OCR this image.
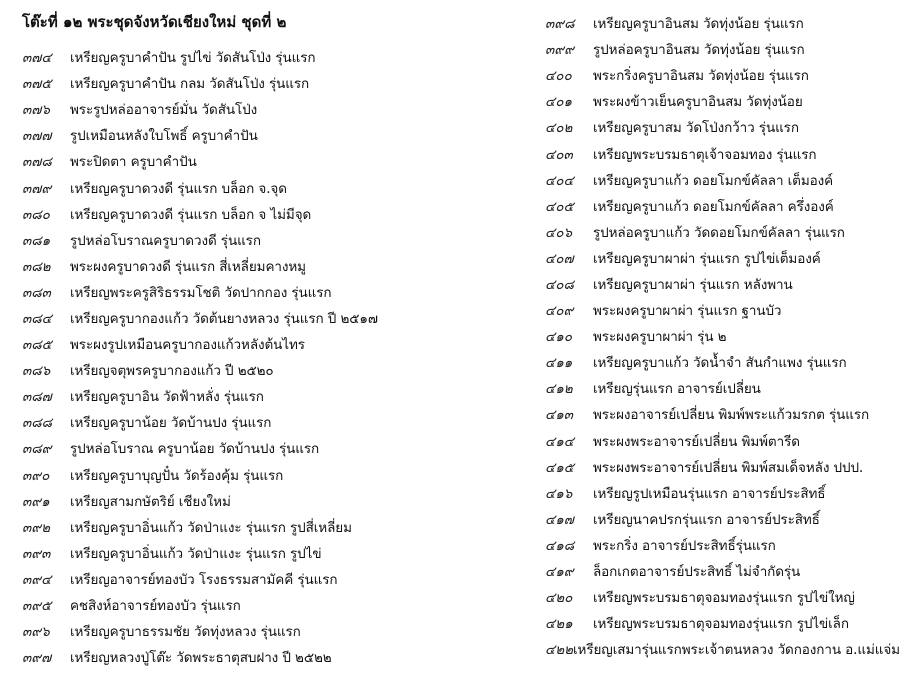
โต๊ะที่ ๑๒ พระชุดจังหวัดเชียงใหม่ ชุดที่ ๒
๓๗๔	เหรียญครูบาคำปัน รูปไข่ วัดสันโป่ง รุ่นแรก
๓๗๕	เหรียญครูบาคำปัน กลม วัดสันโป่ง รุ่นแรก
๓๗๖	พระรูปหล่ออาจารย์มั่น วัดสันโป่ง
๓๗๗	รูปเหมือนหลังใบโพธิ์ ครูบาคำปัน
๓๗๘	พระปิดตา ครูบาคำปัน
๓๗๙	เหรียญครูบาดวงดี รุ่นแรก บล็อก จ.จุด
๓๘๐	เหรียญครูบาดวงดี รุ่นแรก บล็อก จ ไม่มีจุด
๓๘๑	รูปหล่อโบราณครูบาดวงดี รุ่นแรก
๓๘๒	พระผงครูบาดวงดี รุ่นแรก สี่เหลี่ยมคางหมู
๓๘๓	เหรียญพระครูสิริธรรมโชติ วัดปากกอง รุ่นแรก
๓๘๔	เหรียญครูบากองแก้ว วัดต้นยางหลวง รุ่นแรก ปี ๒๕๑๗
๓๘๕	พระผงรูปเหมือนครูบากองแก้วหลังต้นไทร
๓๘๖	เหรียญจตุพรครูบากองแก้ว ปี ๒๕๒๐
๓๘๗	เหรียญครูบาอิน วัดฟ้าหลั่ง รุ่นแรก
๓๘๘	เหรียญครูบาน้อย วัดบ้านปง รุ่นแรก
๓๘๙	รูปหล่อโบราณ ครูบาน้อย วัดบ้านปง รุ่นแรก
๓๙๐	เหรียญครูบาบุญปั๋น วัดร้องคุ้ม รุ่นแรก
๓๙๑	เหรียญสามกษัตริย์ เชียงใหม่
๓๙๒	เหรียญครูบาอิ่นแก้ว วัดป่าแงะ รุ่นแรก รูปสี่เหลี่ยม
๓๙๓	เหรียญครูบาอิ่นแก้ว วัดป่าแงะ รุ่นแรก รูปไข่
๓๙๔	เหรียญอาจารย์ทองบัว โรงธรรมสามัคคี รุ่นแรก
๓๙๕	คชสิงห์อาจารย์ทองบัว รุ่นแรก
๓๙๖	เหรียญครูบาธรรมชัย วัดทุ่งหลวง รุ่นแรก
๓๙๗	เหรียญหลวงปู่โต๊ะ วัดพระธาตุสบฝาง ปี ๒๕๒๒
๓๙๘	เหรียญครูบาอินสม วัดทุ่งน้อย รุ่นแรก
๓๙๙	รูปหล่อครูบาอินสม วัดทุ่งน้อย รุ่นแรก
๔๐๐	พระกริ่งครูบาอินสม วัดทุ่งน้อย รุ่นแรก
๔๐๑	พระผงข้าวเย็นครูบาอินสม วัดทุ่งน้อย
๔๐๒	เหรียญครูบาสม วัดโป่งกว้าว รุ่นแรก
๔๐๓	เหรียญพระบรมธาตุเจ้าจอมทอง รุ่นแรก
๔๐๔	เหรียญครูบาแก้ว ดอยโมกข์คัลลา เต็มองค์
๔๐๕	เหรียญครูบาแก้ว ดอยโมกข์คัลลา ครึ่งองค์
๔๐๖	รูปหล่อครูบาแก้ว วัดดอยโมกข์คัลลา รุ่นแรก
๔๐๗	เหรียญครูบาผาผ่า รุ่นแรก รูปไข่เต็มองค์
๔๐๘	เหรียญครูบาผาผ่า รุ่นแรก หลังพาน
๔๐๙	พระผงครูบาผาผ่า รุ่นแรก ฐานบัว
๔๑๐	พระผงครูบาผาผ่า รุ่น ๒
๔๑๑	เหรียญครูบาแก้ว วัดน้ำจำ สันกำแพง รุ่นแรก
๔๑๒	เหรียญรุ่นแรก อาจารย์เปลี่ยน
๔๑๓	พระผงอาจารย์เปลี่ยน พิมพ์พระแก้วมรกต รุ่นแรก
๔๑๔	พระผงพระอาจารย์เปลี่ยน พิมพ์ตารีด
๔๑๕	พระผงพระอาจารย์เปลี่ยน พิมพ์สมเด็จหลัง ปปป.
๔๑๖	เหรียญรูปเหมือนรุ่นแรก อาจารย์ประสิทธิ์
๔๑๗	เหรียญนาคปรกรุ่นแรก อาจารย์ประสิทธิ์
๔๑๘	พระกริ่ง อาจารย์ประสิทธิ์รุ่นแรก
๔๑๙	ล็อกเกตอาจารย์ประสิทธิ์ ไม่จำกัดรุ่น
๔๒๐	เหรียญพระบรมธาตุจอมทองรุ่นแรก รูปไข่ใหญ่
๔๒๑	เหรียญพระบรมธาตุจอมทองรุ่นแรก รูปไข่เล็ก
๔๒๒ เหรียญเสมารุ่นแรกพระเจ้าตนหลวง วัดกองกาน อ.แม่แจ่ม
